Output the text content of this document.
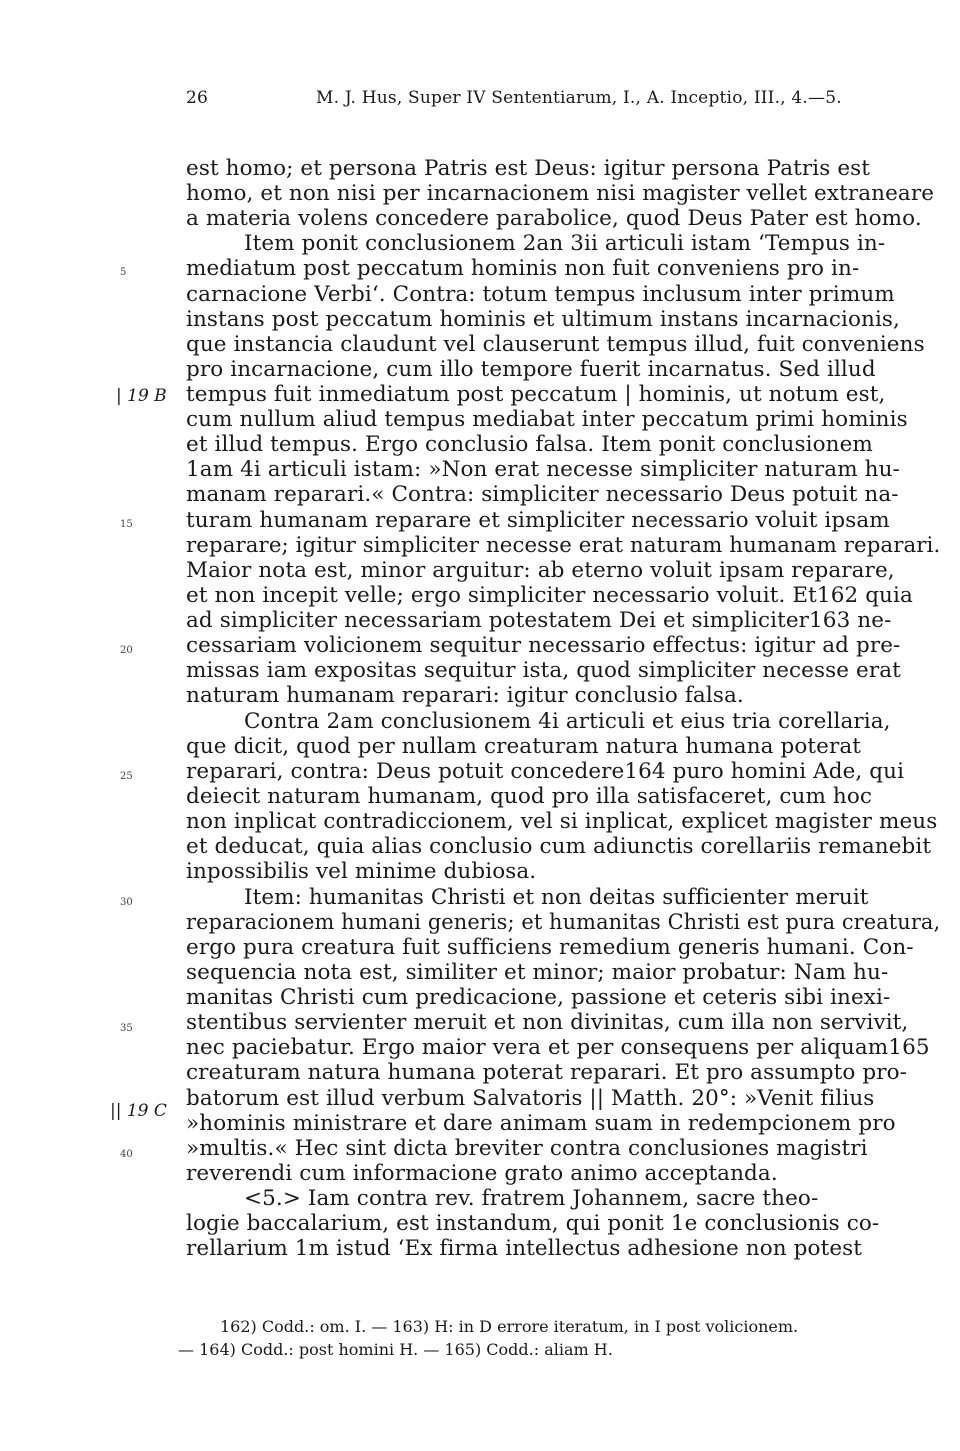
26	M. J. Hus, Super IV Sententiarum, I., A. Inceptio, III., 4.—5.
est homo; et persona Patris est Deus: igitur persona Patris est
homo, et non nisi per incarnacionem nisi magister vellet extraneare
a materia volens concedere parabolice, quod Deus Pater est homo.
Item ponit conclusionem 2an 3ii articuli istam ‘Tempus in-
mediatum post peccatum hominis non fuit conveniens pro in-
carnacione Verbi‘. Contra: totum tempus inclusum inter primum
instans post peccatum hominis et ultimum instans incarnacionis,
que instancia claudunt vel clauserunt tempus illud, fuit conveniens
pro incarnacione, cum illo tempore fuerit incarnatus. Sed illud
tempus fuit inmediatum post peccatum | hominis, ut notum est,
cum nullum aliud tempus mediabat inter peccatum primi hominis
et illud tempus. Ergo conclusio falsa. Item ponit conclusionem
1am 4i articuli istam: »Non erat necesse simpliciter naturam hu-
manam reparari.« Contra: simpliciter necessario Deus potuit na-
turam humanam reparare et simpliciter necessario voluit ipsam
reparare; igitur simpliciter necesse erat naturam humanam reparari.
Maior nota est, minor arguitur: ab eterno voluit ipsam reparare,
et non incepit velle; ergo simpliciter necessario voluit. Et162 quia
ad simpliciter necessariam potestatem Dei et simpliciter163 ne-
cessariam volicionem sequitur necessario effectus: igitur ad pre-
missas iam expositas sequitur ista, quod simpliciter necesse erat
naturam humanam reparari: igitur conclusio falsa.
Contra 2am conclusionem 4i articuli et eius tria corellaria,
que dicit, quod per nullam creaturam natura humana poterat
reparari, contra: Deus potuit concedere164 puro homini Ade, qui
deiecit naturam humanam, quod pro illa satisfaceret, cum hoc
non inplicat contradiccionem, vel si inplicat, explicet magister meus
et deducat, quia alias conclusio cum adiunctis corellariis remanebit
inpossibilis vel minime dubiosa.
Item: humanitas Christi et non deitas sufficienter meruit
reparacionem humani generis; et humanitas Christi est pura creatura,
ergo pura creatura fuit sufficiens remedium generis humani. Con-
sequencia nota est, similiter et minor; maior probatur: Nam hu-
manitas Christi cum predicacione, passione et ceteris sibi inexi-
stentibus servienter meruit et non divinitas, cum illa non servivit,
nec paciebatur. Ergo maior vera et per consequens per aliquam165
creaturam natura humana poterat reparari. Et pro assumpto pro-
batorum est illud verbum Salvatoris || Matth. 20°: »Venit filius
»hominis ministrare et dare animam suam in redempcionem pro
»multis.« Hec sint dicta breviter contra conclusiones magistri
reverendi cum informacione grato animo acceptanda.
<5.> Iam contra rev. fratrem Johannem, sacre theo-
logie baccalarium, est instandum, qui ponit 1e conclusionis co-
rellarium 1m istud ‘Ex firma intellectus adhesione non potest
5
15
20
25
30
35
40
| 19 B
|| 19 C
162) Codd.: om. I. — 163) H: in D errore iteratum, in I post volicionem.
— 164) Codd.: post homini H. — 165) Codd.: aliam H.
